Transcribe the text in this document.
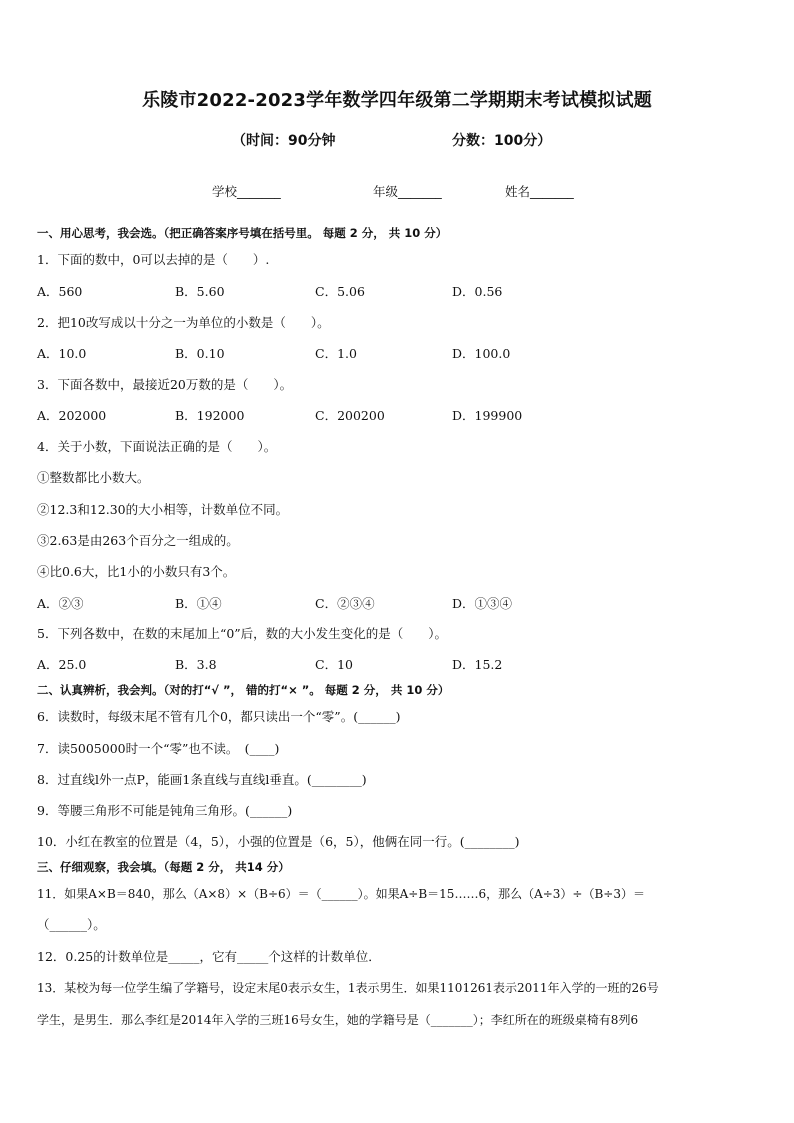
乐陵市2022-2023学年数学四年级第二学期期末考试模拟试题
（时间：90分钟	分数：100分）
学校_______	年级_______	姓名_______
一、用心思考，我会选。（把正确答案序号填在括号里。 每题 2 分， 共 10 分）
1．下面的数中，0可以去掉的是（　　）.
A．560	B．5.60	C．5.06	D．0.56
2．把10改写成以十分之一为单位的小数是（　　）。
A．10.0	B．0.10	C．1.0	D．100.0
3．下面各数中，最接近20万数的是（　　）。
A．202000	B．192000	C．200200	D．199900
4．关于小数，下面说法正确的是（　　）。
①整数都比小数大。
②12.3和12.30的大小相等，计数单位不同。
③2.63是由263个百分之一组成的。
④比0.6大，比1小的小数只有3个。
A．②③	B．①④	C．②③④	D．①③④
5．下列各数中，在数的末尾加上“0”后，数的大小发生变化的是（　　）。
A．25.0	B．3.8	C．10	D．15.2
二、认真辨析，我会判。（对的打“√ ”， 错的打“× ”。 每题 2 分， 共 10 分）
6．读数时，每级末尾不管有几个0，都只读出一个“零”。(______)
7．读5005000时一个“零”也不读。　(____)
8．过直线l外一点P，能画1条直线与直线l垂直。(________)
9．等腰三角形不可能是钝角三角形。(______)
10．小红在教室的位置是（4，5），小强的位置是（6，5），他俩在同一行。(________)
三、仔细观察，我会填。（每题 2 分， 共14 分）
11．如果A×B＝840，那么（A×8）×（B÷6）＝（______）。如果A÷B＝15……6，那么（A÷3）÷（B÷3）＝
（______）。
12．0.25的计数单位是_____，它有_____个这样的计数单位．
13．某校为每一位学生编了学籍号，设定末尾0表示女生，1表示男生．如果1101261表示2011年入学的一班的26号
学生，是男生．那么李红是2014年入学的三班16号女生，她的学籍号是（_______）；李红所在的班级桌椅有8列6
